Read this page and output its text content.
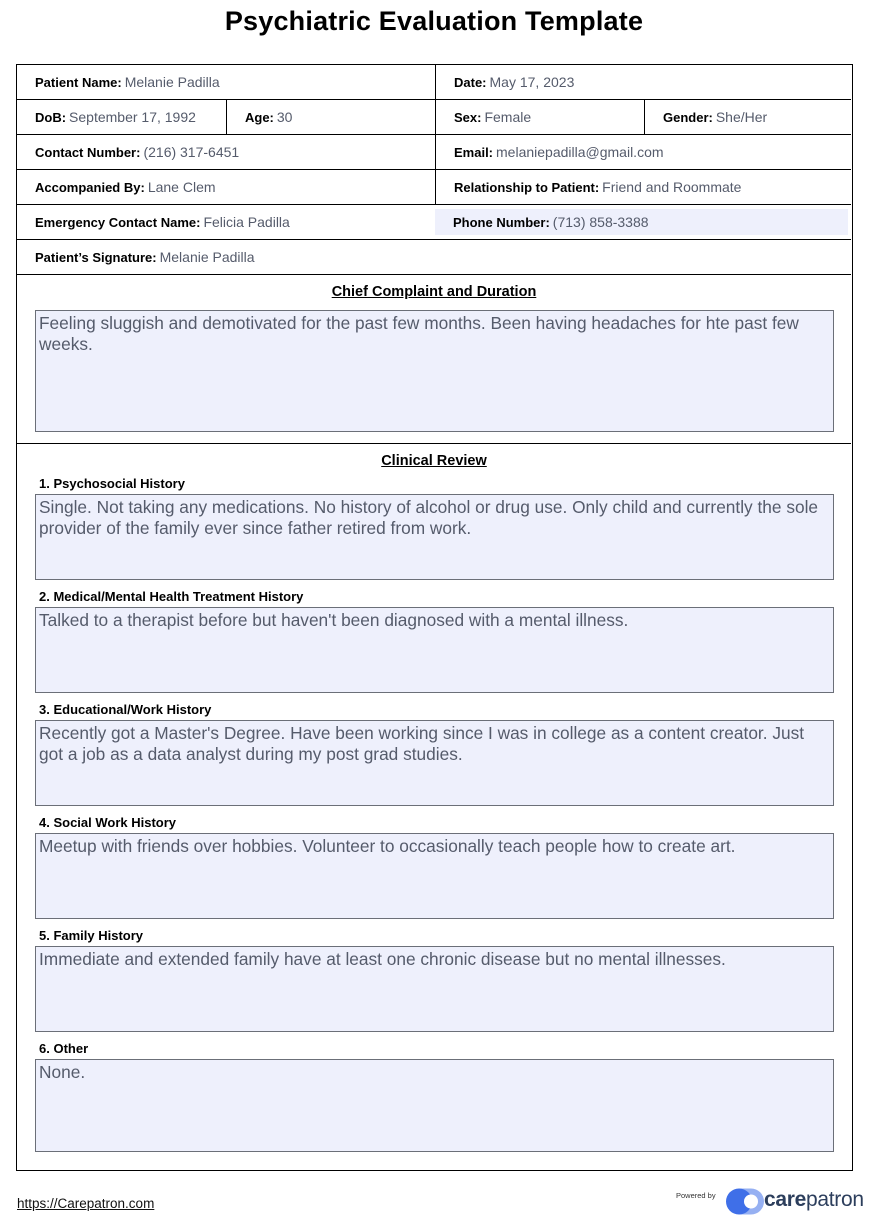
Psychiatric Evaluation Template
Patient Name: Melanie Padilla	Date: May 17, 2023
DoB: September 17, 1992	Age: 30	Sex: Female	Gender: She/Her
Contact Number: (216) 317-6451	Email: melaniepadilla@gmail.com
Accompanied By: Lane Clem	Relationship to Patient: Friend and Roommate
Emergency Contact Name: Felicia Padilla	Phone Number: (713) 858-3388
Patient’s Signature: Melanie Padilla
Chief Complaint and Duration
Feeling sluggish and demotivated for the past few months. Been having headaches for hte past few weeks.
Clinical Review
1. Psychosocial History
Single. Not taking any medications. No history of alcohol or drug use. Only child and currently the sole provider of the family ever since father retired from work.
2. Medical/Mental Health Treatment History
Talked to a therapist before but haven't been diagnosed with a mental illness.
3. Educational/Work History
Recently got a Master's Degree. Have been working since I was in college as a content creator. Just got a job as a data analyst during my post grad studies.
4. Social Work History
Meetup with friends over hobbies. Volunteer to occasionally teach people how to create art.
5. Family History
Immediate and extended family have at least one chronic disease but no mental illnesses.
6. Other
None.
https://Carepatron.com
Powered by carepatron
